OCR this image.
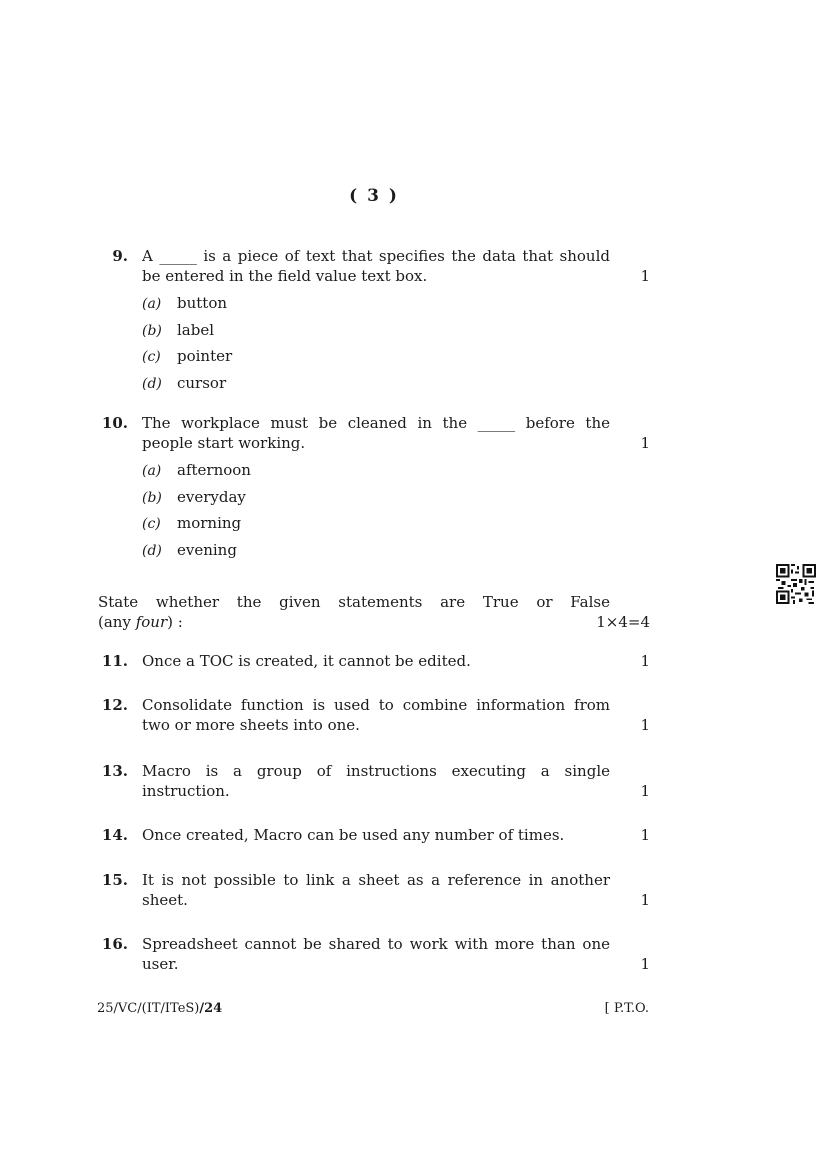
( 3 )
9. A _____ is a piece of text that specifies the data that should be entered in the field value text box.
(a) button
(b) label
(c) pointer
(d) cursor
1
10. The workplace must be cleaned in the _____ before the people start working.
(a) afternoon
(b) everyday
(c) morning
(d) evening
1
State whether the given statements are True or False
(any four) :	1×4=4
11. Once a TOC is created, it cannot be edited.	1
12. Consolidate function is used to combine information from two or more sheets into one.	1
13. Macro is a group of instructions executing a single instruction.	1
14. Once created, Macro can be used any number of times.	1
15. It is not possible to link a sheet as a reference in another sheet.	1
16. Spreadsheet cannot be shared to work with more than one user.	1
25/VC/(IT/ITeS)/24	[ P.T.O.
